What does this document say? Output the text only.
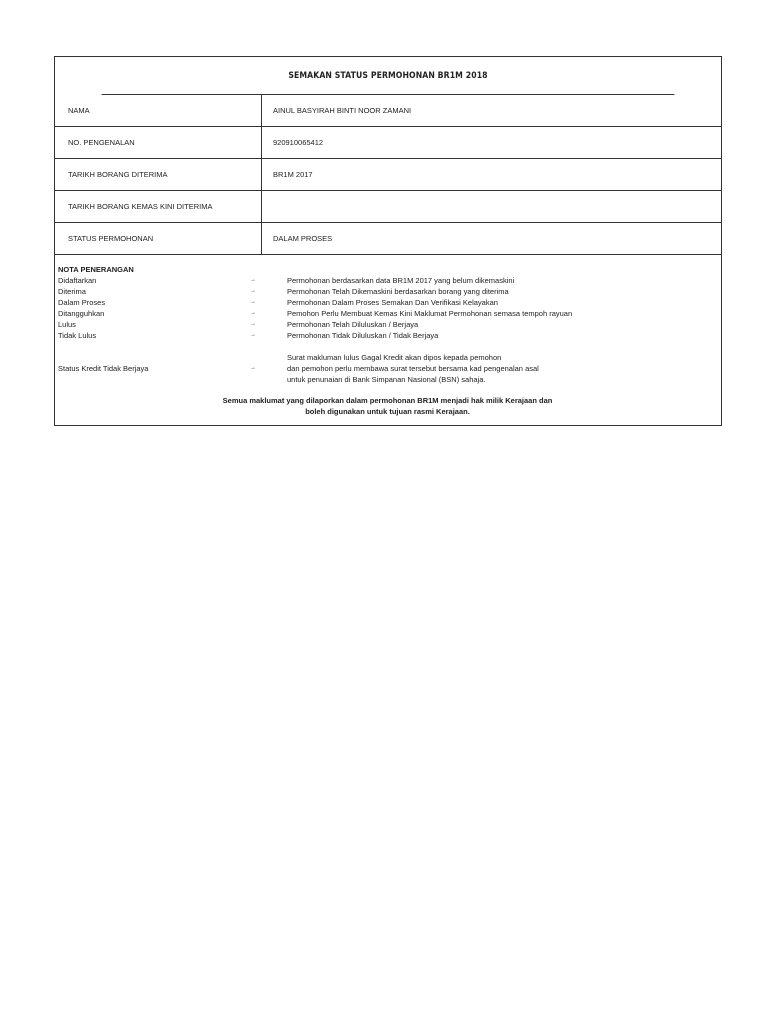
SEMAKAN STATUS PERMOHONAN BR1M 2018
NAMA	AINUL BASYIRAH BINTI NOOR ZAMANI
NO. PENGENALAN	920910065412
TARIKH BORANG DITERIMA	BR1M 2017
TARIKH BORANG KEMAS KINI DITERIMA
STATUS PERMOHONAN	DALAM PROSES
NOTA PENERANGAN
Didaftarkan	→	Permohonan berdasarkan data BR1M 2017 yang belum dikemaskini
Diterima	→	Permohonan Telah Dikemaskini berdasarkan borang yang diterima
Dalam Proses	→	Permohonan Dalam Proses Semakan Dan Verifikasi Kelayakan
Ditangguhkan	→	Pemohon Perlu Membuat Kemas Kini Maklumat Permohonan semasa tempoh rayuan
Lulus	→	Permohonan Telah Diluluskan / Berjaya
Tidak Lulus	→	Permohonan Tidak Diluluskan / Tidak Berjaya
Status Kredit Tidak Berjaya	→
Surat makluman lulus Gagal Kredit akan dipos kepada pemohon
dan pemohon perlu membawa surat tersebut bersama kad pengenalan asal
untuk penunaian di Bank Simpanan Nasional (BSN) sahaja.
Semua maklumat yang dilaporkan dalam permohonan BR1M menjadi hak milik Kerajaan dan
boleh digunakan untuk tujuan rasmi Kerajaan.
